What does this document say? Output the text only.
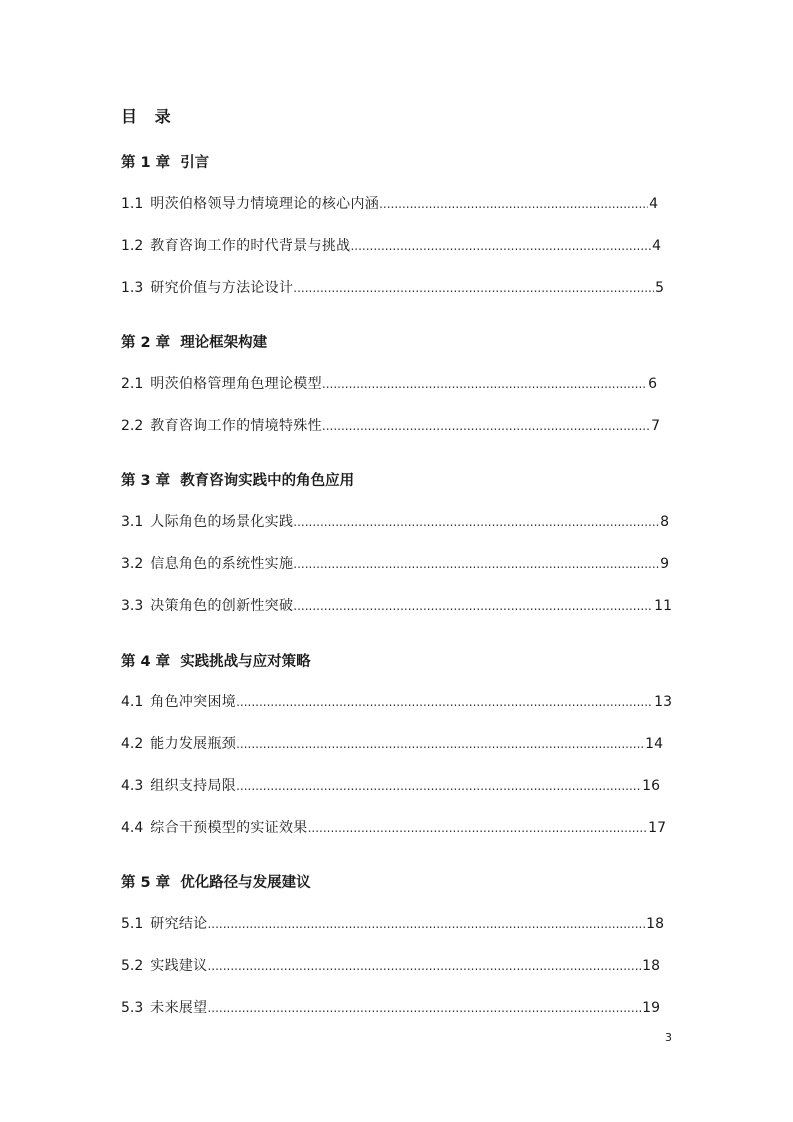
目 录
第 1 章 引言
1.1 明茨伯格领导力情境理论的核心内涵 .....	4
1.2 教育咨询工作的时代背景与挑战 .....	4
1.3 研究价值与方法论设计 .....	5
第 2 章 理论框架构建
2.1 明茨伯格管理角色理论模型 .....	6
2.2 教育咨询工作的情境特殊性 .....	7
第 3 章 教育咨询实践中的角色应用
3.1 人际角色的场景化实践 .....	8
3.2 信息角色的系统性实施 .....	9
3.3 决策角色的创新性突破 .....	11
第 4 章 实践挑战与应对策略
4.1 角色冲突困境 .....	13
4.2 能力发展瓶颈 .....	14
4.3 组织支持局限 .....	16
4.4 综合干预模型的实证效果 .....	17
第 5 章 优化路径与发展建议
5.1 研究结论 .....	18
5.2 实践建议 .....	18
5.3 未来展望 .....	19
3
